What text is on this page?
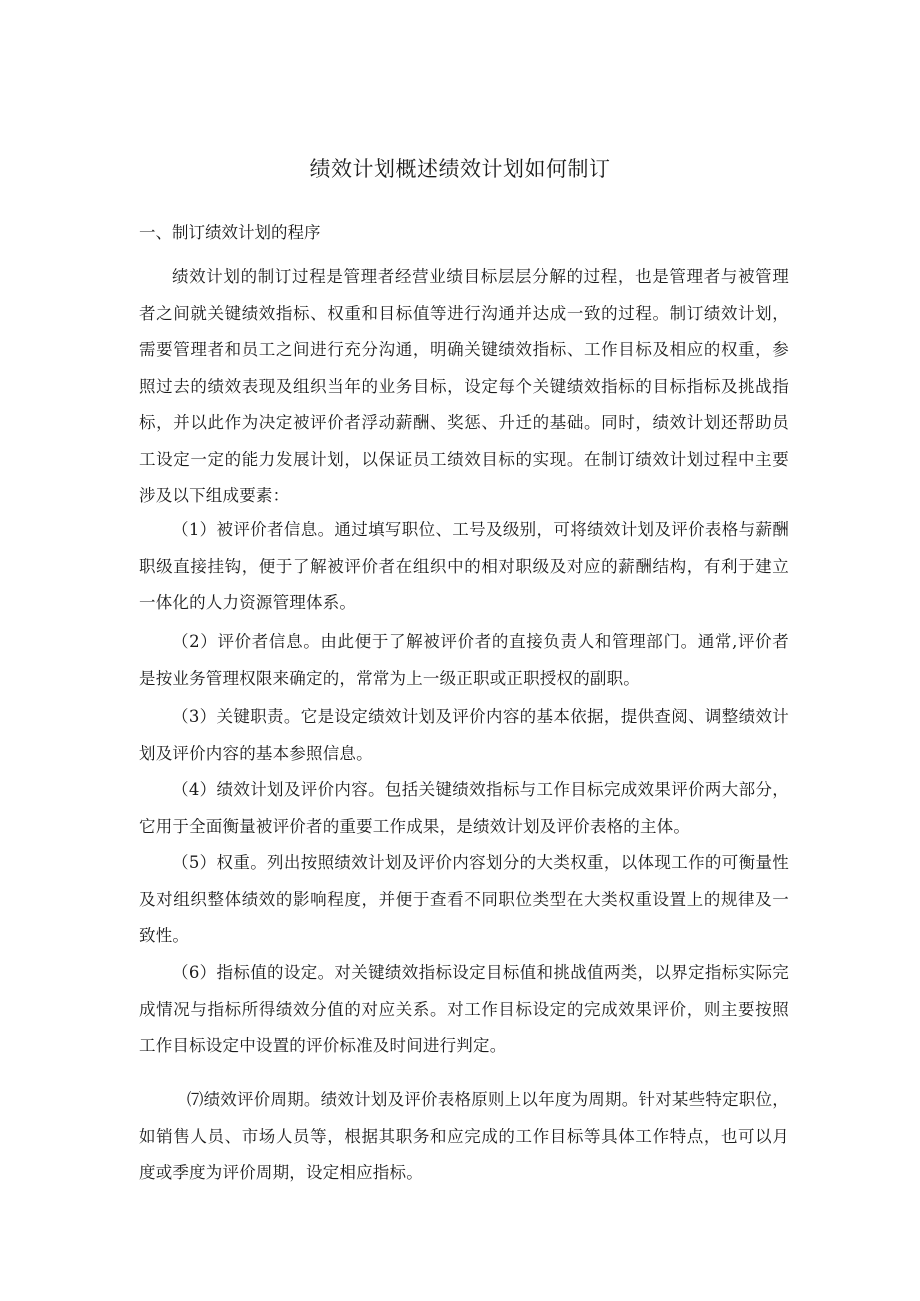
绩效计划概述绩效计划如何制订
一、制订绩效计划的程序

绩效计划的制订过程是管理者经营业绩目标层层分解的过程，也是管理者与被管理者之间就关键绩效指标、权重和目标值等进行沟通并达成一致的过程。制订绩效计划，需要管理者和员工之间进行充分沟通，明确关键绩效指标、工作目标及相应的权重，参照过去的绩效表现及组织当年的业务目标，设定每个关键绩效指标的目标指标及挑战指标，并以此作为决定被评价者浮动薪酬、奖惩、升迁的基础。同时，绩效计划还帮助员工设定一定的能力发展计划，以保证员工绩效目标的实现。在制订绩效计划过程中主要涉及以下组成要素：

（1）被评价者信息。通过填写职位、工号及级别，可将绩效计划及评价表格与薪酬职级直接挂钩，便于了解被评价者在组织中的相对职级及对应的薪酬结构，有利于建立一体化的人力资源管理体系。

（2）评价者信息。由此便于了解被评价者的直接负责人和管理部门。通常,评价者是按业务管理权限来确定的，常常为上一级正职或正职授权的副职。

（3）关键职责。它是设定绩效计划及评价内容的基本依据，提供查阅、调整绩效计划及评价内容的基本参照信息。

（4）绩效计划及评价内容。包括关键绩效指标与工作目标完成效果评价两大部分，它用于全面衡量被评价者的重要工作成果，是绩效计划及评价表格的主体。

（5）权重。列出按照绩效计划及评价内容划分的大类权重，以体现工作的可衡量性及对组织整体绩效的影响程度，并便于查看不同职位类型在大类权重设置上的规律及一致性。

（6）指标值的设定。对关键绩效指标设定目标值和挑战值两类，以界定指标实际完成情况与指标所得绩效分值的对应关系。对工作目标设定的完成效果评价，则主要按照工作目标设定中设置的评价标准及时间进行判定。

⑺绩效评价周期。绩效计划及评价表格原则上以年度为周期。针对某些特定职位，如销售人员、市场人员等，根据其职务和应完成的工作目标等具体工作特点，也可以月度或季度为评价周期，设定相应指标。
